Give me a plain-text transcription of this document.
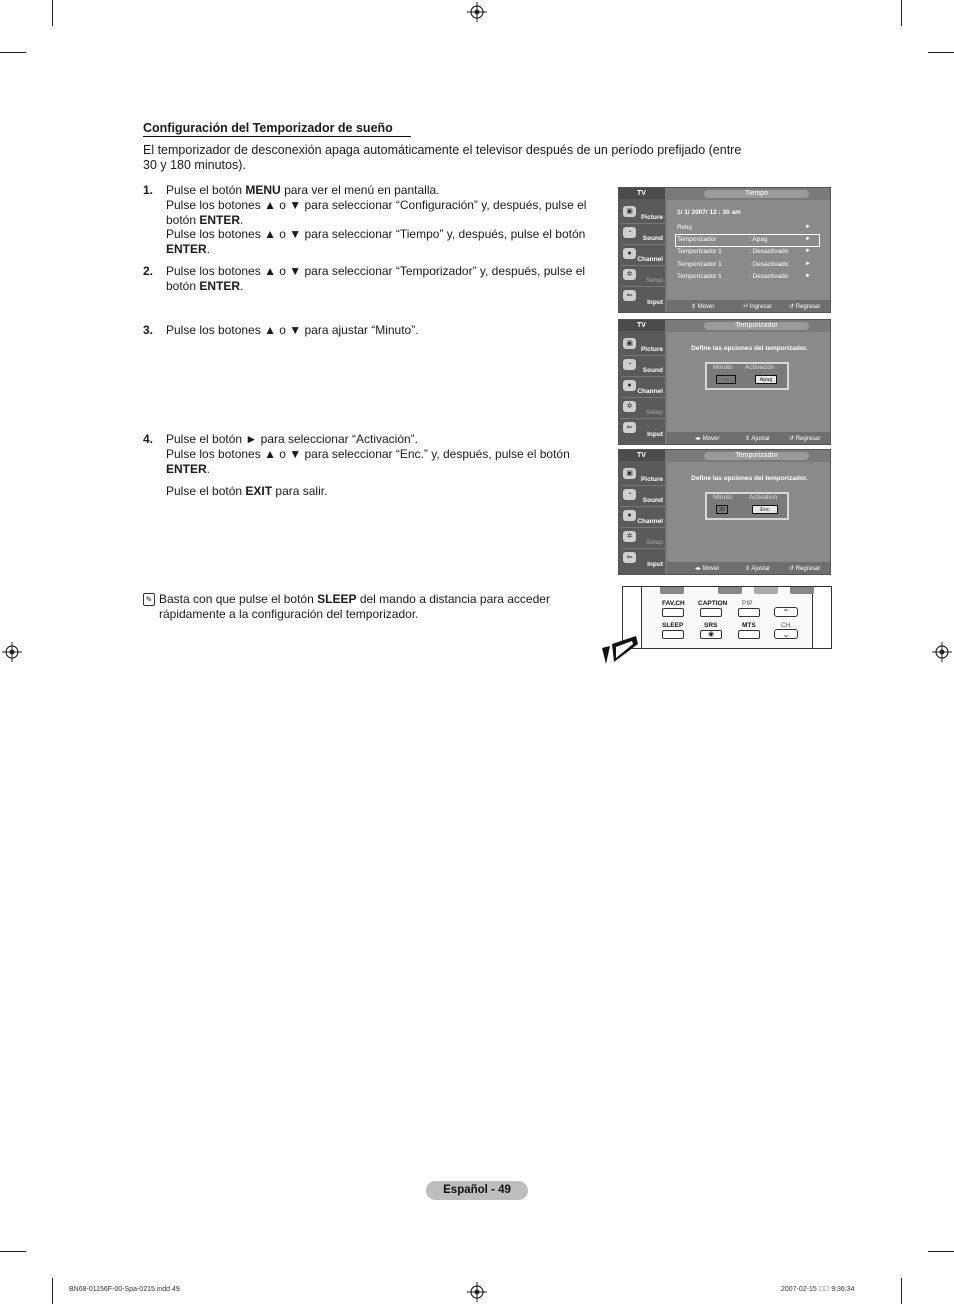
Configuración del Temporizador de sueño
El temporizador de desconexión apaga automáticamente el televisor después de un período prefijado (entre 30 y 180 minutos).
1. Pulse el botón MENU para ver el menú en pantalla.
Pulse los botones ▲ o ▼ para seleccionar “Configuración” y, después, pulse el botón ENTER.
Pulse los botones ▲ o ▼ para seleccionar “Tiempo” y, después, pulse el botón ENTER.
2. Pulse los botones ▲ o ▼ para seleccionar “Temporizador” y, después, pulse el botón ENTER.
3. Pulse los botones ▲ o ▼ para ajustar “Minuto”.
4. Pulse el botón ► para seleccionar “Activación”.
Pulse los botones ▲ o ▼ para seleccionar “Enc.” y, después, pulse el botón ENTER.
Pulse el botón EXIT para salir.
✎ Basta con que pulse el botón SLEEP del mando a distancia para acceder rápidamente a la configuración del temporizador.
TV
▣
Picture
◔
Sound
●
Channel
✲
Setup
⇐
Input
Tiempo
1/ 1/ 2007/ 12 : 30 am
Reloj	►
Temporizador	: Apag	►
Temporizador 1	: Desactivado	►
Temporizador 1	: Desactivado	►
Temporizador 1	: Desactivado	►
⇕ Mover	⏎ Ingresar	↺ Regresar
TV
▣
Picture
◔
Sound
●
Channel
✲
Setup
⇐
Input
Temporizador
Define las opciones del temporizador.
Minuto Activación
---	Apag
◂▸ Mover	⇕ Ajustar	↺ Regresar
TV
▣
Picture
◔
Sound
●
Channel
✲
Setup
⇐
Input
Temporizador
Define las opciones del temporizador.
Minuto	Activation
30	Enc
◂▸ Mover	⇕ Ajustar	↺ Regresar
FAV.CH CAPTION PIP
⌃
SLEEP	SRS	MTS	CH
◉	⌄
Español - 49
BN68-01156F-00-Spa-0215.indd 49	2007-02-15 ￿￿ 9:36:34
